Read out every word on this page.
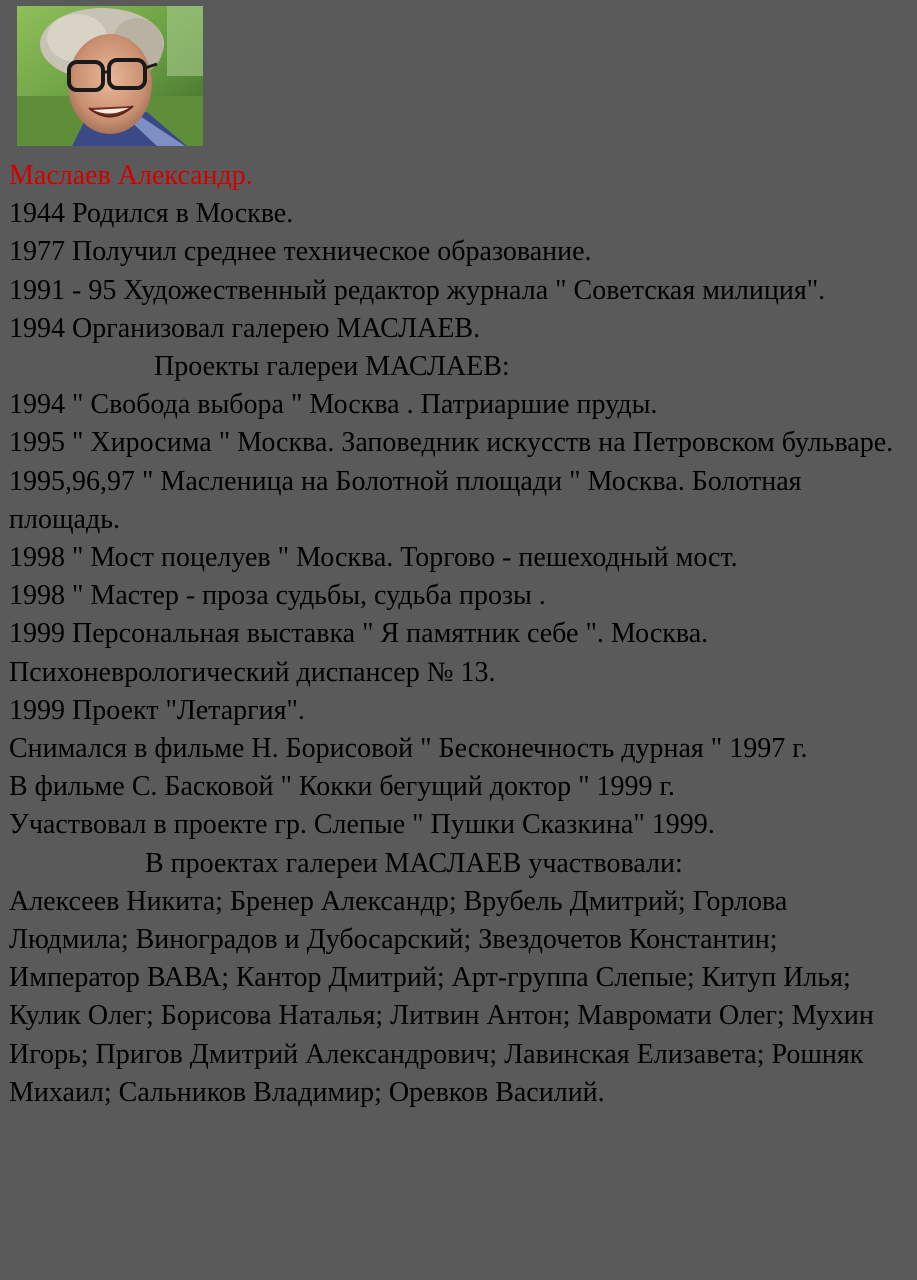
Маслаев Александр.

1944 Родился в Москве.

1977 Получил среднее техническое образование.

1991 - 95 Художественный редактор журнала " Советская милиция".

1994 Организовал галерею МАСЛАЕВ.

Проекты галереи МАСЛАЕВ:

1994 " Свобода выбора " Москва . Патриаршие пруды.

1995 " Хиросима " Москва. Заповедник искусств на Петровском бульваре.

1995,96,97 " Масленица на Болотной площади " Москва. Болотная площадь.

1998 " Мост поцелуев " Москва. Торгово - пешеходный мост.

1998 " Мастер - проза судьбы, судьба прозы .

1999 Персональная выставка " Я памятник себе ". Москва. Психоневрологический диспансер № 13.

1999 Проект "Летаргия".

Снимался в фильме Н. Борисовой " Бесконечность дурная " 1997 г.

В фильме С. Басковой " Кокки бегущий доктор " 1999 г.

Участвовал в проекте гр. Слепые " Пушки Сказкина" 1999.

В проектах галереи МАСЛАЕВ участвовали:

Алексеев Никита; Бренер Александр; Врубель Дмитрий; Горлова Людмила; Виноградов и Дубосарский; Звездочетов Константин; Император ВАВА; Кантор Дмитрий; Арт-группа Слепые; Китуп Илья; Кулик Олег; Борисова Наталья; Литвин Антон; Мавромати Олег; Мухин Игорь; Пригов Дмитрий Александрович; Лавинская Елизавета; Рошняк Михаил; Сальников Владимир; Оревков Василий.
